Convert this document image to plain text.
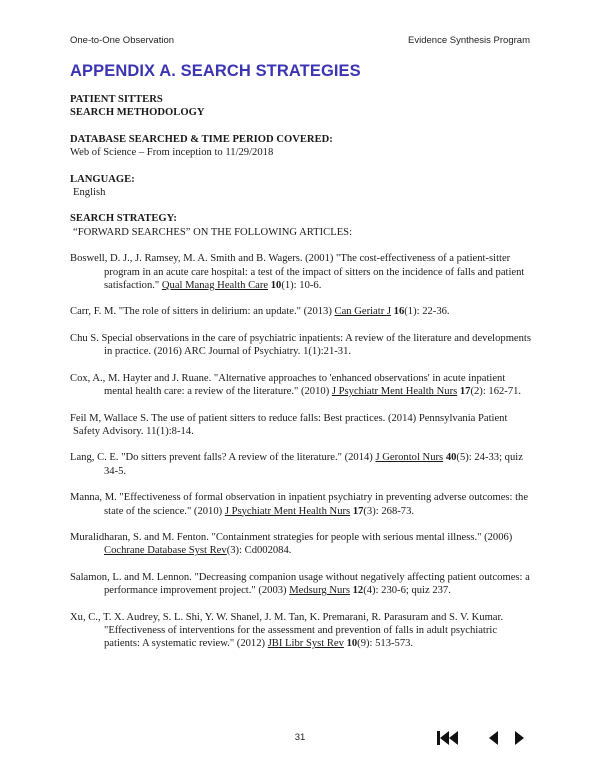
One-to-One Observation	Evidence Synthesis Program
APPENDIX A. SEARCH STRATEGIES
PATIENT SITTERS
SEARCH METHODOLOGY
DATABASE SEARCHED & TIME PERIOD COVERED:
Web of Science – From inception to 11/29/2018
LANGUAGE:
English
SEARCH STRATEGY:
“FORWARD SEARCHES” ON THE FOLLOWING ARTICLES:
Boswell, D. J., J. Ramsey, M. A. Smith and B. Wagers. (2001) "The cost-effectiveness of a patient-sitter program in an acute care hospital: a test of the impact of sitters on the incidence of falls and patient satisfaction." Qual Manag Health Care 10(1): 10-6.
Carr, F. M. "The role of sitters in delirium: an update." (2013) Can Geriatr J 16(1): 22-36.
Chu S. Special observations in the care of psychiatric inpatients: A review of the literature and developments in practice. (2016) ARC Journal of Psychiatry. 1(1):21-31.
Cox, A., M. Hayter and J. Ruane. "Alternative approaches to 'enhanced observations' in acute inpatient mental health care: a review of the literature." (2010) J Psychiatr Ment Health Nurs 17(2): 162-71.
Feil M, Wallace S. The use of patient sitters to reduce falls: Best practices. (2014) Pennsylvania Patient
Safety Advisory. 11(1):8-14.
Lang, C. E. "Do sitters prevent falls? A review of the literature." (2014) J Gerontol Nurs 40(5): 24-33; quiz 34-5.
Manna, M. "Effectiveness of formal observation in inpatient psychiatry in preventing adverse outcomes: the state of the science." (2010) J Psychiatr Ment Health Nurs 17(3): 268-73.
Muralidharan, S. and M. Fenton. "Containment strategies for people with serious mental illness." (2006) Cochrane Database Syst Rev(3): Cd002084.
Salamon, L. and M. Lennon. "Decreasing companion usage without negatively affecting patient outcomes: a performance improvement project." (2003) Medsurg Nurs 12(4): 230-6; quiz 237.
Xu, C., T. X. Audrey, S. L. Shi, Y. W. Shanel, J. M. Tan, K. Premarani, R. Parasuram and S. V. Kumar. "Effectiveness of interventions for the assessment and prevention of falls in adult psychiatric patients: A systematic review." (2012) JBI Libr Syst Rev 10(9): 513-573.
31
